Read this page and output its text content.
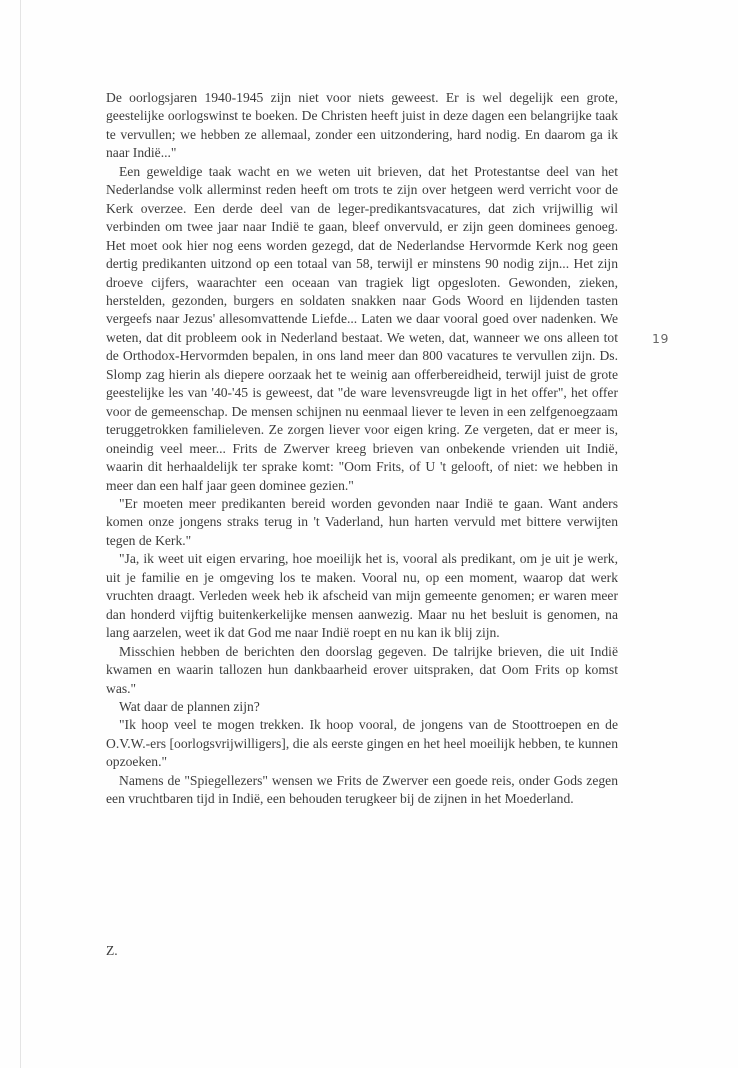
De oorlogsjaren 1940-1945 zijn niet voor niets geweest. Er is wel degelijk een grote, geestelijke oorlogswinst te boeken. De Christen heeft juist in deze dagen een belangrijke taak te vervullen; we hebben ze allemaal, zonder een uitzondering, hard nodig. En daarom ga ik naar Indië..."

Een geweldige taak wacht en we weten uit brieven, dat het Protestantse deel van het Nederlandse volk allerminst reden heeft om trots te zijn over hetgeen werd verricht voor de Kerk overzee. Een derde deel van de leger-predikantsvacatures, dat zich vrijwillig wil verbinden om twee jaar naar Indië te gaan, bleef onvervuld, er zijn geen dominees genoeg. Het moet ook hier nog eens worden gezegd, dat de Nederlandse Hervormde Kerk nog geen dertig predikanten uitzond op een totaal van 58, terwijl er minstens 90 nodig zijn... Het zijn droeve cijfers, waarachter een oceaan van tragiek ligt opgesloten. Gewonden, zieken, herstelden, gezonden, burgers en soldaten snakken naar Gods Woord en lijdenden tasten vergeefs naar Jezus' allesomvattende Liefde... Laten we daar vooral goed over nadenken. We weten, dat dit probleem ook in Nederland bestaat. We weten, dat, wanneer we ons alleen tot de Orthodox-Hervormden bepalen, in ons land meer dan 800 vacatures te vervullen zijn. Ds. Slomp zag hierin als diepere oorzaak het te weinig aan offerbereidheid, terwijl juist de grote geestelijke les van '40-'45 is geweest, dat "de ware levensvreugde ligt in het offer", het offer voor de gemeenschap. De mensen schijnen nu eenmaal liever te leven in een zelfgenoegzaam teruggetrokken familieleven. Ze zorgen liever voor eigen kring. Ze vergeten, dat er meer is, oneindig veel meer... Frits de Zwerver kreeg brieven van onbekende vrienden uit Indië, waarin dit herhaaldelijk ter sprake komt: "Oom Frits, of U 't gelooft, of niet: we hebben in meer dan een half jaar geen dominee gezien."

"Er moeten meer predikanten bereid worden gevonden naar Indië te gaan. Want anders komen onze jongens straks terug in 't Vaderland, hun harten vervuld met bittere verwijten tegen de Kerk."

"Ja, ik weet uit eigen ervaring, hoe moeilijk het is, vooral als predikant, om je uit je werk, uit je familie en je omgeving los te maken. Vooral nu, op een moment, waarop dat werk vruchten draagt. Verleden week heb ik afscheid van mijn gemeente genomen; er waren meer dan honderd vijftig buitenkerkelijke mensen aanwezig. Maar nu het besluit is genomen, na lang aarzelen, weet ik dat God me naar Indië roept en nu kan ik blij zijn.

Misschien hebben de berichten den doorslag gegeven. De talrijke brieven, die uit Indië kwamen en waarin tallozen hun dankbaarheid erover uitspraken, dat Oom Frits op komst was."

Wat daar de plannen zijn?

"Ik hoop veel te mogen trekken. Ik hoop vooral, de jongens van de Stoottroepen en de O.V.W.-ers [oorlogsvrijwilligers], die als eerste gingen en het heel moeilijk hebben, te kunnen opzoeken."

Namens de "Spiegellezers" wensen we Frits de Zwerver een goede reis, onder Gods zegen een vruchtbaren tijd in Indië, een behouden terugkeer bij de zijnen in het Moederland.

Z.

19
